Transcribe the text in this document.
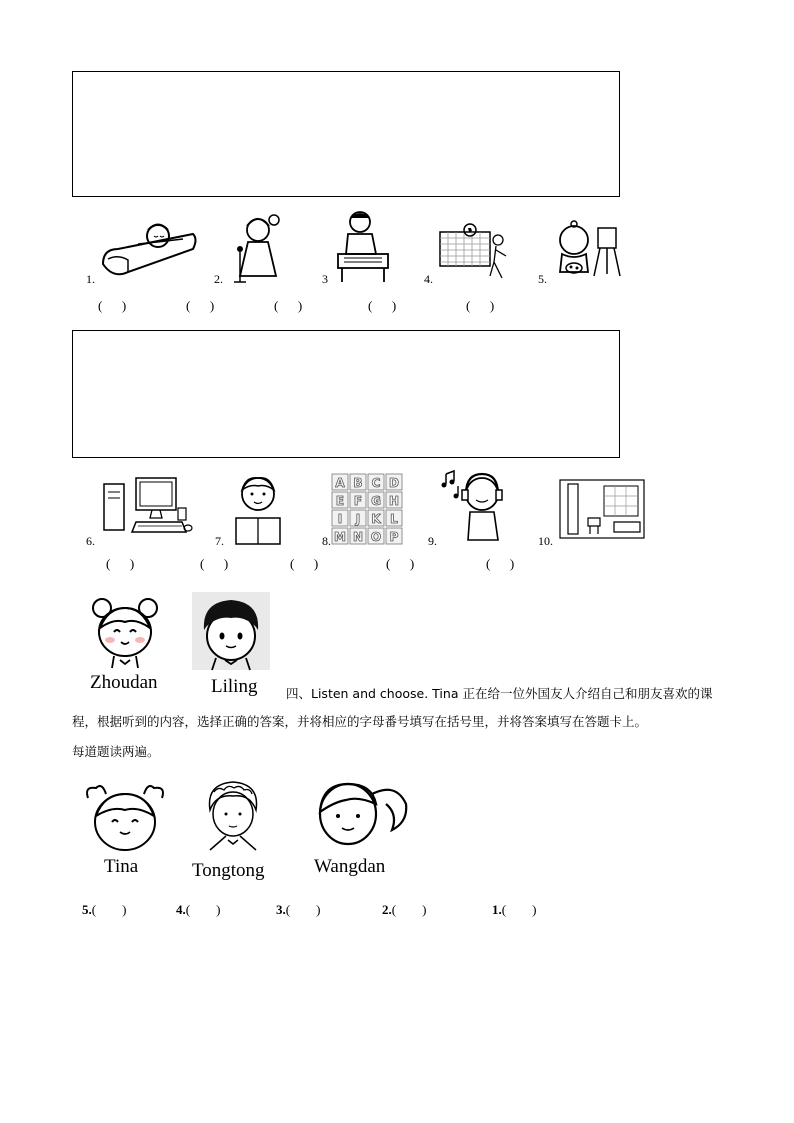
1.	2.	3	4.	5.
(      )	(      )	(      )	(      )	(      )
A B C D
E F G H
I J K L
M N O P
6.	7.	8.	9.	10.
(      )	(      )	(      )	(      )	(      )
Zhoudan	Liling 四、Listen and choose. Tina 正在给一位外国友人介绍自己和朋友喜欢的课
程，根据听到的内容，选择正确的答案，并将相应的字母番号填写在括号里，并将答案填写在答题卡上。
每道题读两遍。
Tina	Tongtong	Wangdan
5.(        )	4.(        )	3.(        )	2.(        )	1.(        )
